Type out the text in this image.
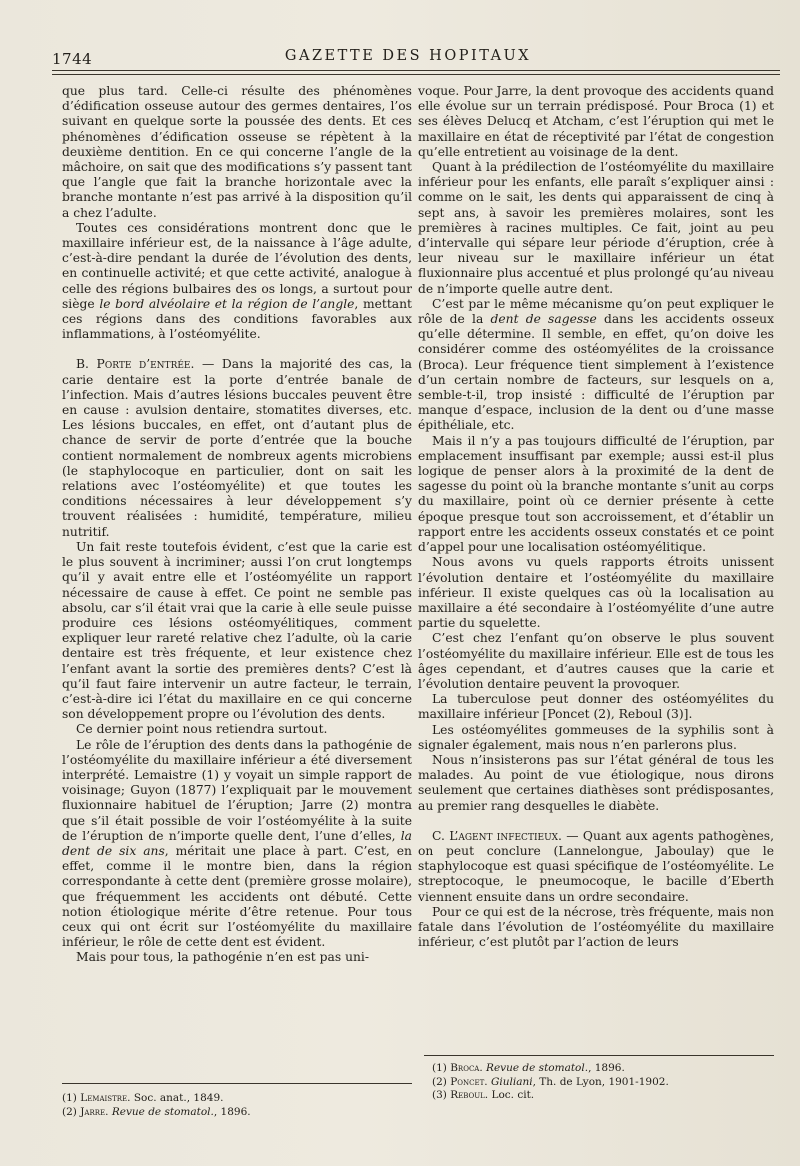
1744	GAZETTE DES HOPITAUX

que plus tard. Celle-ci résulte des phénomènes d’édification osseuse autour des germes dentaires, l’os suivant en quelque sorte la poussée des dents. Et ces phénomènes d’édification osseuse se répètent à la deuxième dentition. En ce qui concerne l’angle de la mâchoire, on sait que des modifications s’y passent tant que l’angle que fait la branche horizontale avec la branche montante n’est pas arrivé à la disposition qu’il a chez l’adulte.

Toutes ces considérations montrent donc que le maxillaire inférieur est, de la naissance à l’âge adulte, c’est-à-dire pendant la durée de l’évolution des dents, en continuelle activité; et que cette activité, analogue à celle des régions bulbaires des os longs, a surtout pour siège le bord alvéolaire et la région de l’angle, mettant ces régions dans des conditions favorables aux inflammations, à l’ostéomyélite.

B. Porte d’entrée. — Dans la majorité des cas, la carie dentaire est la porte d’entrée banale de l’infection. Mais d’autres lésions buccales peuvent être en cause : avulsion dentaire, stomatites diverses, etc. Les lésions buccales, en effet, ont d’autant plus de chance de servir de porte d’entrée que la bouche contient normalement de nombreux agents microbiens (le staphylocoque en particulier, dont on sait les relations avec l’ostéomyélite) et que toutes les conditions nécessaires à leur développement s’y trouvent réalisées : humidité, température, milieu nutritif.

Un fait reste toutefois évident, c’est que la carie est le plus souvent à incriminer; aussi l’on crut longtemps qu’il y avait entre elle et l’ostéomyélite un rapport nécessaire de cause à effet. Ce point ne semble pas absolu, car s’il était vrai que la carie à elle seule puisse produire ces lésions ostéomyélitiques, comment expliquer leur rareté relative chez l’adulte, où la carie dentaire est très fréquente, et leur existence chez l’enfant avant la sortie des premières dents? C’est là qu’il faut faire intervenir un autre facteur, le terrain, c’est-à-dire ici l’état du maxillaire en ce qui concerne son développement propre ou l’évolution des dents.

Ce dernier point nous retiendra surtout.

Le rôle de l’éruption des dents dans la pathogénie de l’ostéomyélite du maxillaire inférieur a été diversement interprété. Lemaistre (1) y voyait un simple rapport de voisinage; Guyon (1877) l’expliquait par le mouvement fluxionnaire habituel de l’éruption; Jarre (2) montra que s’il était possible de voir l’ostéomyélite à la suite de l’éruption de n’importe quelle dent, l’une d’elles, la dent de six ans, méritait une place à part. C’est, en effet, comme il le montre bien, dans la région correspondante à cette dent (première grosse molaire), que fréquemment les accidents ont débuté. Cette notion étiologique mérite d’être retenue. Pour tous ceux qui ont écrit sur l’ostéomyélite du maxillaire inférieur, le rôle de cette dent est évident.

Mais pour tous, la pathogénie n’en est pas uni-

(1) Lemaistre. Soc. anat., 1849.
(2) Jarre. Revue de stomatol., 1896.

voque. Pour Jarre, la dent provoque des accidents quand elle évolue sur un terrain prédisposé. Pour Broca (1) et ses élèves Delucq et Atcham, c’est l’éruption qui met le maxillaire en état de réceptivité par l’état de congestion qu’elle entretient au voisinage de la dent.

Quant à la prédilection de l’ostéomyélite du maxillaire inférieur pour les enfants, elle paraît s’expliquer ainsi : comme on le sait, les dents qui apparaissent de cinq à sept ans, à savoir les premières molaires, sont les premières à racines multiples. Ce fait, joint au peu d’intervalle qui sépare leur période d’éruption, crée à leur niveau sur le maxillaire inférieur un état fluxionnaire plus accentué et plus prolongé qu’au niveau de n’importe quelle autre dent.

C’est par le même mécanisme qu’on peut expliquer le rôle de la dent de sagesse dans les accidents osseux qu’elle détermine. Il semble, en effet, qu’on doive les considérer comme des ostéomyélites de la croissance (Broca). Leur fréquence tient simplement à l’existence d’un certain nombre de facteurs, sur lesquels on a, semble-t-il, trop insisté : difficulté de l’éruption par manque d’espace, inclusion de la dent ou d’une masse épithéliale, etc.

Mais il n’y a pas toujours difficulté de l’éruption, par emplacement insuffisant par exemple; aussi est-il plus logique de penser alors à la proximité de la dent de sagesse du point où la branche montante s’unit au corps du maxillaire, point où ce dernier présente à cette époque presque tout son accroissement, et d’établir un rapport entre les accidents osseux constatés et ce point d’appel pour une localisation ostéomyélitique.

Nous avons vu quels rapports étroits unissent l’évolution dentaire et l’ostéomyélite du maxillaire inférieur. Il existe quelques cas où la localisation au maxillaire a été secondaire à l’ostéomyélite d’une autre partie du squelette.

C’est chez l’enfant qu’on observe le plus souvent l’ostéomyélite du maxillaire inférieur. Elle est de tous les âges cependant, et d’autres causes que la carie et l’évolution dentaire peuvent la provoquer.

La tuberculose peut donner des ostéomyélites du maxillaire inférieur [Poncet (2), Reboul (3)].

Les ostéomyélites gommeuses de la syphilis sont à signaler également, mais nous n’en parlerons plus.

Nous n’insisterons pas sur l’état général de tous les malades. Au point de vue étiologique, nous dirons seulement que certaines diathèses sont prédisposantes, au premier rang desquelles le diabète.

C. L’agent infectieux. — Quant aux agents pathogènes, on peut conclure (Lannelongue, Jaboulay) que le staphylocoque est quasi spécifique de l’ostéomyélite. Le streptocoque, le pneumocoque, le bacille d’Eberth viennent ensuite dans un ordre secondaire.

Pour ce qui est de la nécrose, très fréquente, mais non fatale dans l’évolution de l’ostéomyélite du maxillaire inférieur, c’est plutôt par l’action de leurs

(1) Broca. Revue de stomatol., 1896.
(2) Poncet. Giuliani, Th. de Lyon, 1901-1902.
(3) Reboul. Loc. cit.
